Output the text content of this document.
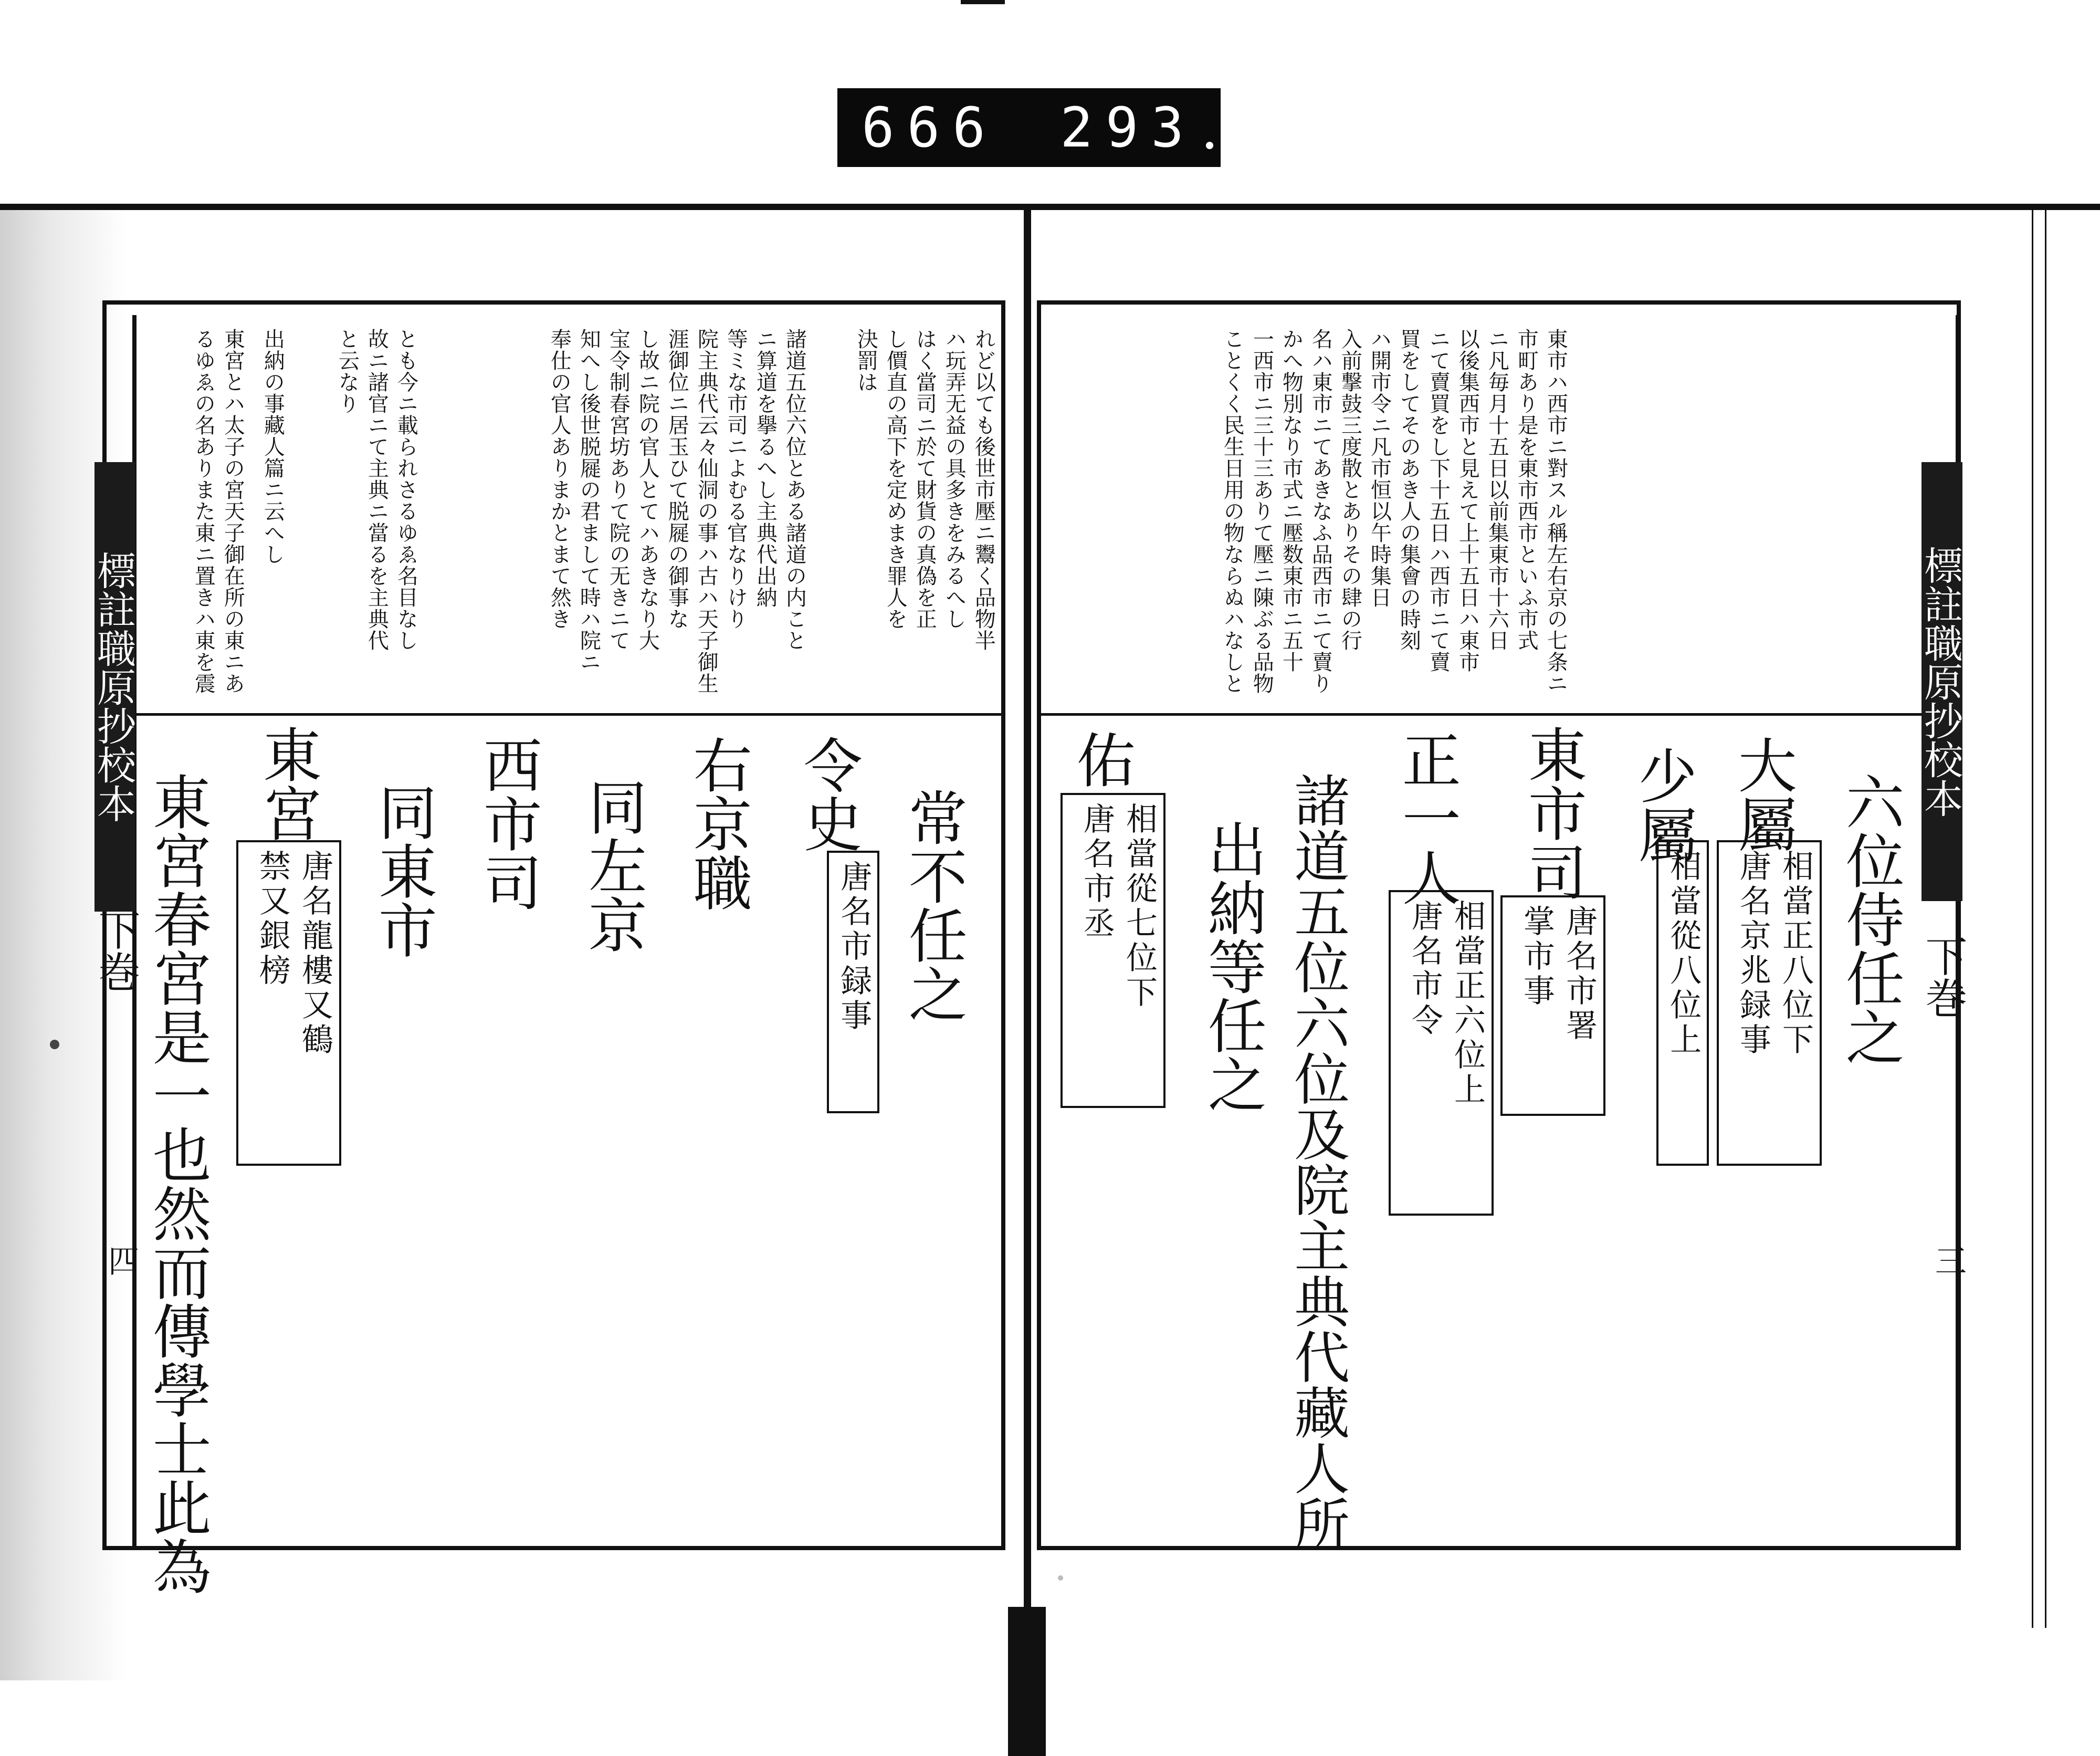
666 293
標註職原抄校本
下巻
四
標註職原抄校本
下巻
三
東市ハ西市ニ對スル稱左右京の七条ニ
市町あり是を東市西市といふ市式
ニ凡毎月十五日以前集東市十六日
以後集西市と見えて上十五日ハ東市
ニて賣買をし下十五日ハ西市ニて賣
買をしてそのあき人の集會の時刻
ハ開市令ニ凡市恒以午時集日
入前撃鼓三度散とありその肆の行
名ハ東市ニてあきなふ品西市ニて賣り
かへ物別なり市式ニ壓数東市ニ五十
一西市ニ三十三ありて壓ニ陳ぶる品物
ことくく民生日用の物ならぬハなしと
六位侍任之
大屬
相當正八位下
唐名京兆録事
少屬
相當從八位上
東市司
唐名市署
掌市事
正一人
相當正六位上
唐名市令
諸道五位六位及院主典代藏人所
出納等任之
佑
相當從七位下
唐名市丞
れど以ても後世市壓ニ鬻く品物半
ハ玩弄无益の具多きをみるへし
はく當司ニ於て財貨の真偽を正
し價直の高下を定めまき罪人を
決罰は
諸道五位六位とある諸道の内こと
ニ算道を擧るへし主典代出納
等ミな市司ニよむる官なりけり
院主典代云々仙洞の事ハ古ハ天子御生
涯御位ニ居玉ひて脱屣の御事な
し故ニ院の官人とてハあきなり大
宝令制春宮坊ありて院の无きニて
知へし後世脱屣の君まして時ハ院ニ
奉仕の官人ありまかとまて然き
とも今ニ載られさるゆゑ名目なし
故ニ諸官ニて主典ニ當るを主典代
と云なり
出納の事藏人篇ニ云へし
東宮とハ太子の宮天子御在所の東ニあ
るゆゑの名ありまた東ニ置きハ東を震
常不任之
令史
唐名市録事
右京職
同左京
西市司
同東市
東宮
唐名龍樓又鶴
禁又銀榜
東宮春宮是一也然而傳學士此為
